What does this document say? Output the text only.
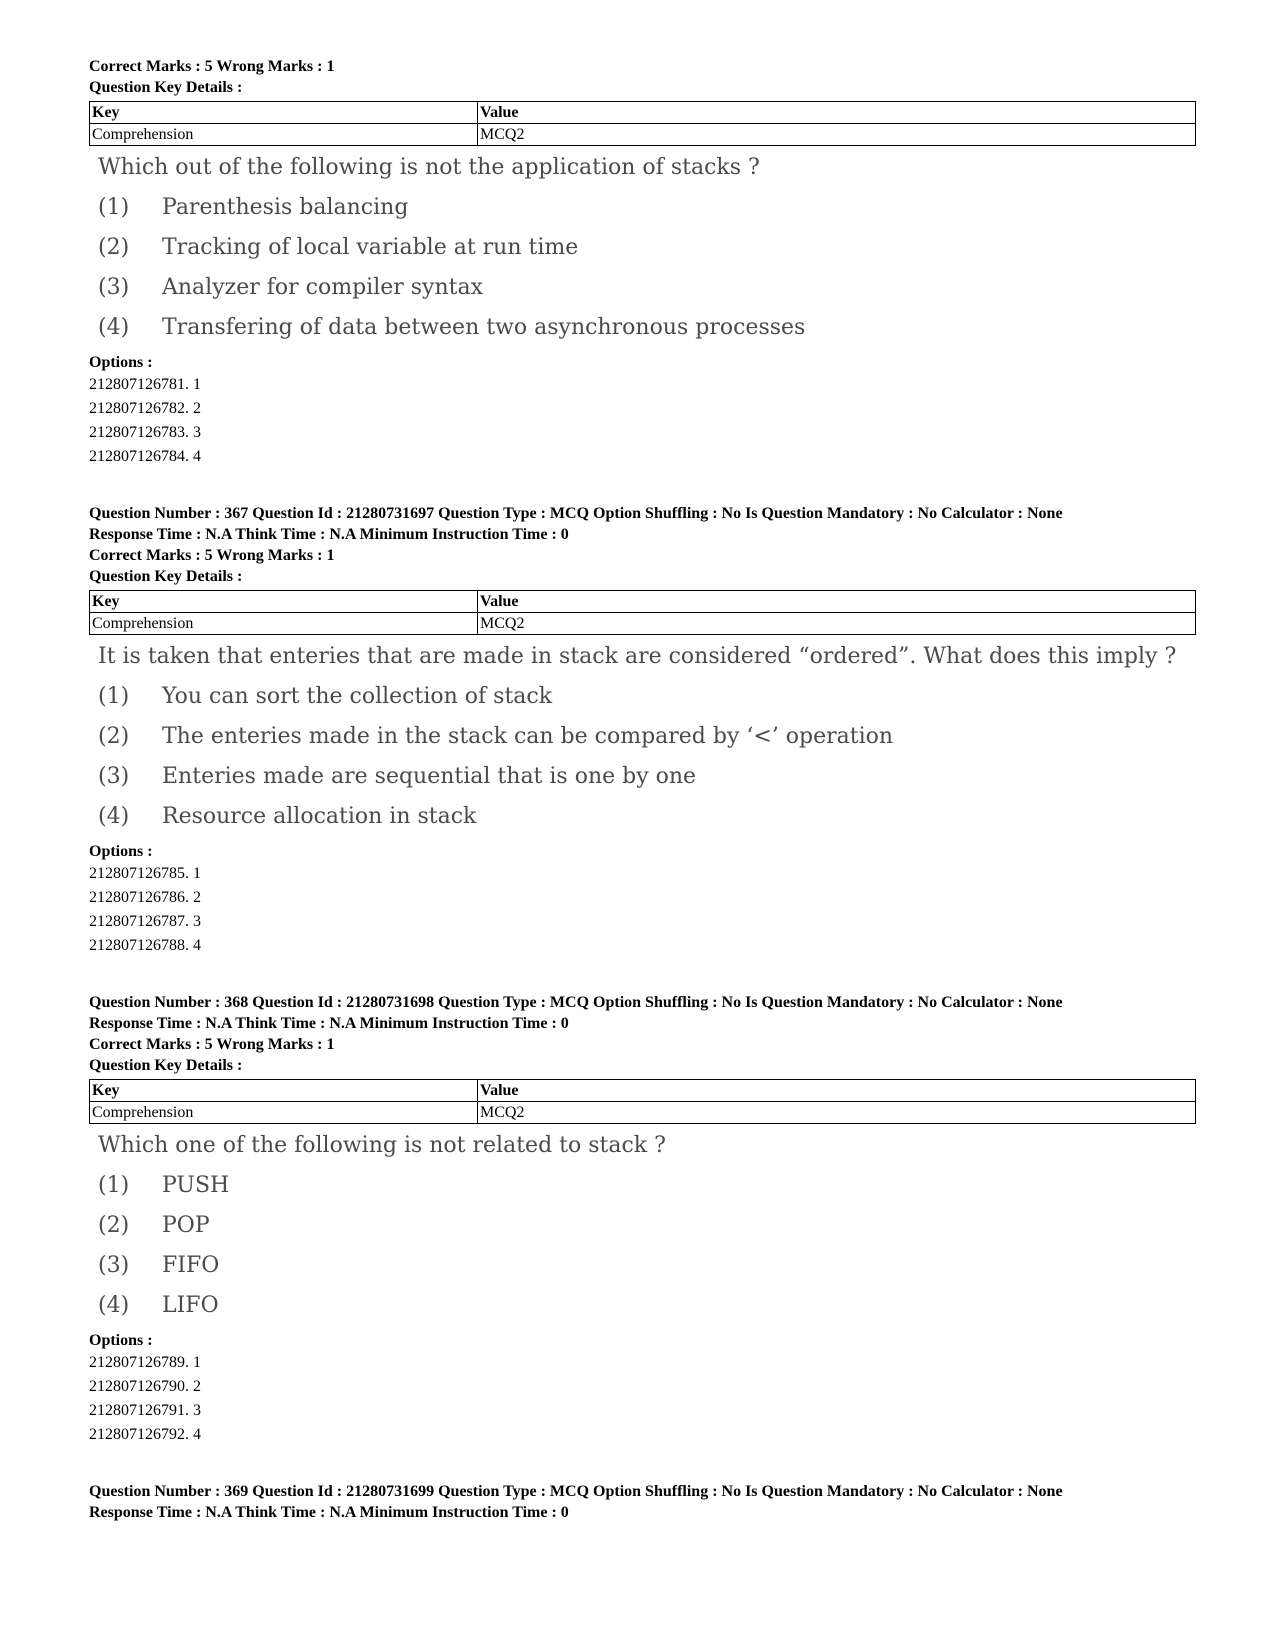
Correct Marks : 5 Wrong Marks : 1
Question Key Details :
Key	Value
Comprehension	MCQ2
Which out of the following is not the application of stacks ?
(1)	Parenthesis balancing
(2)	Tracking of local variable at run time
(3)	Analyzer for compiler syntax
(4)	Transfering of data between two asynchronous processes
Options :
212807126781. 1
212807126782. 2
212807126783. 3
212807126784. 4
Question Number : 367 Question Id : 21280731697 Question Type : MCQ Option Shuffling : No Is Question Mandatory : No Calculator : None
Response Time : N.A Think Time : N.A Minimum Instruction Time : 0
Correct Marks : 5 Wrong Marks : 1
Question Key Details :
Key	Value
Comprehension	MCQ2
It is taken that enteries that are made in stack are considered “ordered”. What does this imply ?
(1)	You can sort the collection of stack
(2)	The enteries made in the stack can be compared by ‘<’ operation
(3)	Enteries made are sequential that is one by one
(4)	Resource allocation in stack
Options :
212807126785. 1
212807126786. 2
212807126787. 3
212807126788. 4
Question Number : 368 Question Id : 21280731698 Question Type : MCQ Option Shuffling : No Is Question Mandatory : No Calculator : None
Response Time : N.A Think Time : N.A Minimum Instruction Time : 0
Correct Marks : 5 Wrong Marks : 1
Question Key Details :
Key	Value
Comprehension	MCQ2
Which one of the following is not related to stack ?
(1)	PUSH
(2)	POP
(3)	FIFO
(4)	LIFO
Options :
212807126789. 1
212807126790. 2
212807126791. 3
212807126792. 4
Question Number : 369 Question Id : 21280731699 Question Type : MCQ Option Shuffling : No Is Question Mandatory : No Calculator : None
Response Time : N.A Think Time : N.A Minimum Instruction Time : 0
